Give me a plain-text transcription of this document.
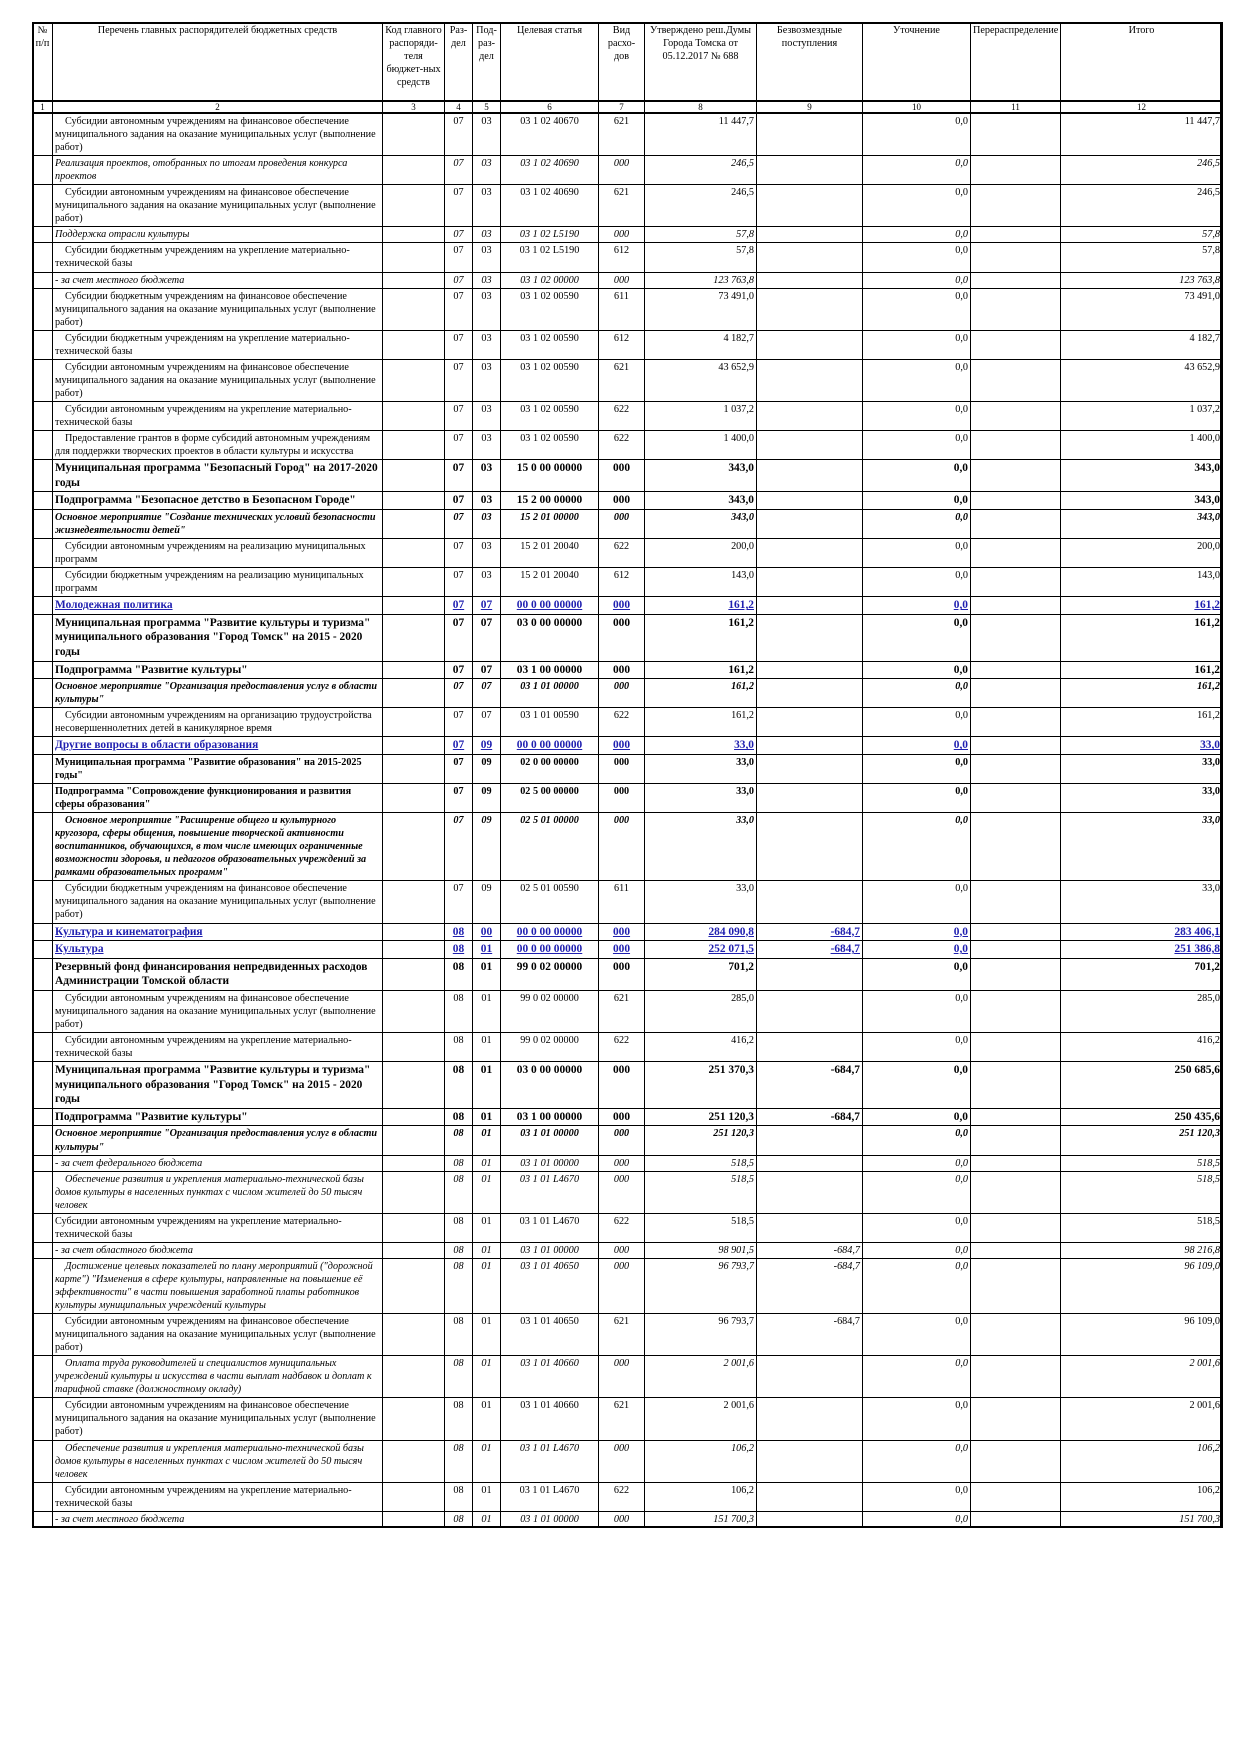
№ п/п	Перечень главных распорядителей бюджетных средств	Код главного распоряди-теля бюджет-ных средств	Раз-дел	Под-раз-дел	Целевая статья	Вид расхо-дов	Утверждено реш.Думы Города Томска от 05.12.2017 № 688	Безвозмездные поступления	Уточнение	Перераспределение	Итого
1	2	3	4	5	6	7	8	9	10	11	12
	Субсидии автономным учреждениям на финансовое обеспечение муниципального задания на оказание муниципальных услуг (выполнение работ)		07	03	03 1 02 40670	621	11 447,7		0,0		11 447,7
	Реализация проектов, отобранных по итогам проведения конкурса проектов		07	03	03 1 02 40690	000	246,5		0,0		246,5
	Субсидии автономным учреждениям на финансовое обеспечение муниципального задания на оказание муниципальных услуг (выполнение работ)		07	03	03 1 02 40690	621	246,5		0,0		246,5
	Поддержка отрасли культуры		07	03	03 1 02 L5190	000	57,8		0,0		57,8
	Субсидии бюджетным учреждениям на укрепление материально-технической базы		07	03	03 1 02 L5190	612	57,8		0,0		57,8
	- за счет местного бюджета		07	03	03 1 02 00000	000	123 763,8		0,0		123 763,8
	Субсидии бюджетным учреждениям на финансовое обеспечение муниципального задания на оказание муниципальных услуг (выполнение работ)		07	03	03 1 02 00590	611	73 491,0		0,0		73 491,0
	Субсидии бюджетным учреждениям на укрепление материально-технической базы		07	03	03 1 02 00590	612	4 182,7		0,0		4 182,7
	Субсидии автономным учреждениям на финансовое обеспечение муниципального задания на оказание муниципальных услуг (выполнение работ)		07	03	03 1 02 00590	621	43 652,9		0,0		43 652,9
	Субсидии автономным учреждениям на укрепление материально-технической базы		07	03	03 1 02 00590	622	1 037,2		0,0		1 037,2
	Предоставление грантов в форме субсидий автономным учреждениям для поддержки творческих проектов в области культуры и искусства		07	03	03 1 02 00590	622	1 400,0		0,0		1 400,0
	Муниципальная программа "Безопасный Город" на 2017-2020 годы		07	03	15 0 00 00000	000	343,0		0,0		343,0
	Подпрограмма "Безопасное детство в Безопасном Городе"		07	03	15 2 00 00000	000	343,0		0,0		343,0
	Основное мероприятие "Создание технических условий безопасности жизнедеятельности детей"		07	03	15 2 01 00000	000	343,0		0,0		343,0
	Субсидии автономным учреждениям на реализацию муниципальных программ		07	03	15 2 01 20040	622	200,0		0,0		200,0
	Субсидии бюджетным учреждениям на реализацию муниципальных программ		07	03	15 2 01 20040	612	143,0		0,0		143,0
	Молодежная политика		07	07	00 0 00 00000	000	161,2		0,0		161,2
	Муниципальная программа "Развитие культуры и туризма" муниципального образования "Город Томск" на 2015 - 2020 годы		07	07	03 0 00 00000	000	161,2		0,0		161,2
	Подпрограмма "Развитие культуры"		07	07	03 1 00 00000	000	161,2		0,0		161,2
	Основное мероприятие "Организация предоставления услуг в области культуры"		07	07	03 1 01 00000	000	161,2		0,0		161,2
	Субсидии автономным учреждениям на организацию трудоустройства несовершеннолетних детей в каникулярное время		07	07	03 1 01 00590	622	161,2		0,0		161,2
	Другие вопросы в области образования		07	09	00 0 00 00000	000	33,0		0,0		33,0
	Муниципальная программа "Развитие образования" на 2015-2025 годы"		07	09	02 0 00 00000	000	33,0		0,0		33,0
	Подпрограмма "Сопровождение функционирования и развития сферы образования"		07	09	02 5 00 00000	000	33,0		0,0		33,0
	Основное мероприятие "Расширение общего и культурного кругозора, сферы общения, повышение творческой активности воспитанников, обучающихся, в том числе имеющих ограниченные возможности здоровья, и педагогов образовательных учреждений за рамками образовательных программ"		07	09	02 5 01 00000	000	33,0		0,0		33,0
	Субсидии бюджетным учреждениям на финансовое обеспечение муниципального задания на оказание муниципальных услуг (выполнение работ)		07	09	02 5 01 00590	611	33,0		0,0		33,0
	Культура и кинематография		08	00	00 0 00 00000	000	284 090,8	-684,7	0,0		283 406,1
	Культура		08	01	00 0 00 00000	000	252 071,5	-684,7	0,0		251 386,8
	Резервный фонд финансирования непредвиденных расходов Администрации Томской области		08	01	99 0 02 00000	000	701,2		0,0		701,2
	Субсидии автономным учреждениям на финансовое обеспечение муниципального задания на оказание муниципальных услуг (выполнение работ)		08	01	99 0 02 00000	621	285,0		0,0		285,0
	Субсидии автономным учреждениям на укрепление материально-технической базы		08	01	99 0 02 00000	622	416,2		0,0		416,2
	Муниципальная программа "Развитие культуры и туризма" муниципального образования "Город Томск" на 2015 - 2020 годы		08	01	03 0 00 00000	000	251 370,3	-684,7	0,0		250 685,6
	Подпрограмма "Развитие культуры"		08	01	03 1 00 00000	000	251 120,3	-684,7	0,0		250 435,6
	Основное мероприятие "Организация предоставления услуг в области культуры"		08	01	03 1 01 00000	000	251 120,3		0,0		251 120,3
	- за счет федерального бюджета		08	01	03 1 01 00000	000	518,5		0,0		518,5
	Обеспечение развития и укрепления материально-технической базы домов культуры в населенных пунктах с числом жителей до 50 тысяч человек		08	01	03 1 01 L4670	000	518,5		0,0		518,5
	Субсидии автономным учреждениям на укрепление материально-технической базы		08	01	03 1 01 L4670	622	518,5		0,0		518,5
	- за счет областного бюджета		08	01	03 1 01 00000	000	98 901,5	-684,7	0,0		98 216,8
	Достижение целевых показателей по плану мероприятий ("дорожной карте") "Изменения в сфере культуры, направленные на повышение её эффективности" в части повышения заработной платы работников культуры муниципальных учреждений культуры		08	01	03 1 01 40650	000	96 793,7	-684,7	0,0		96 109,0
	Субсидии автономным учреждениям на финансовое обеспечение муниципального задания на оказание муниципальных услуг (выполнение работ)		08	01	03 1 01 40650	621	96 793,7	-684,7	0,0		96 109,0
	Оплата труда руководителей и специалистов муниципальных учреждений культуры и искусства в части выплат надбавок и доплат к тарифной ставке (должностному окладу)		08	01	03 1 01 40660	000	2 001,6		0,0		2 001,6
	Субсидии автономным учреждениям на финансовое обеспечение муниципального задания на оказание муниципальных услуг (выполнение работ)		08	01	03 1 01 40660	621	2 001,6		0,0		2 001,6
	Обеспечение развития и укрепления материально-технической базы домов культуры в населенных пунктах с числом жителей до 50 тысяч человек		08	01	03 1 01 L4670	000	106,2		0,0		106,2
	Субсидии автономным учреждениям на укрепление материально-технической базы		08	01	03 1 01 L4670	622	106,2		0,0		106,2
	- за счет местного бюджета		08	01	03 1 01 00000	000	151 700,3		0,0		151 700,3
